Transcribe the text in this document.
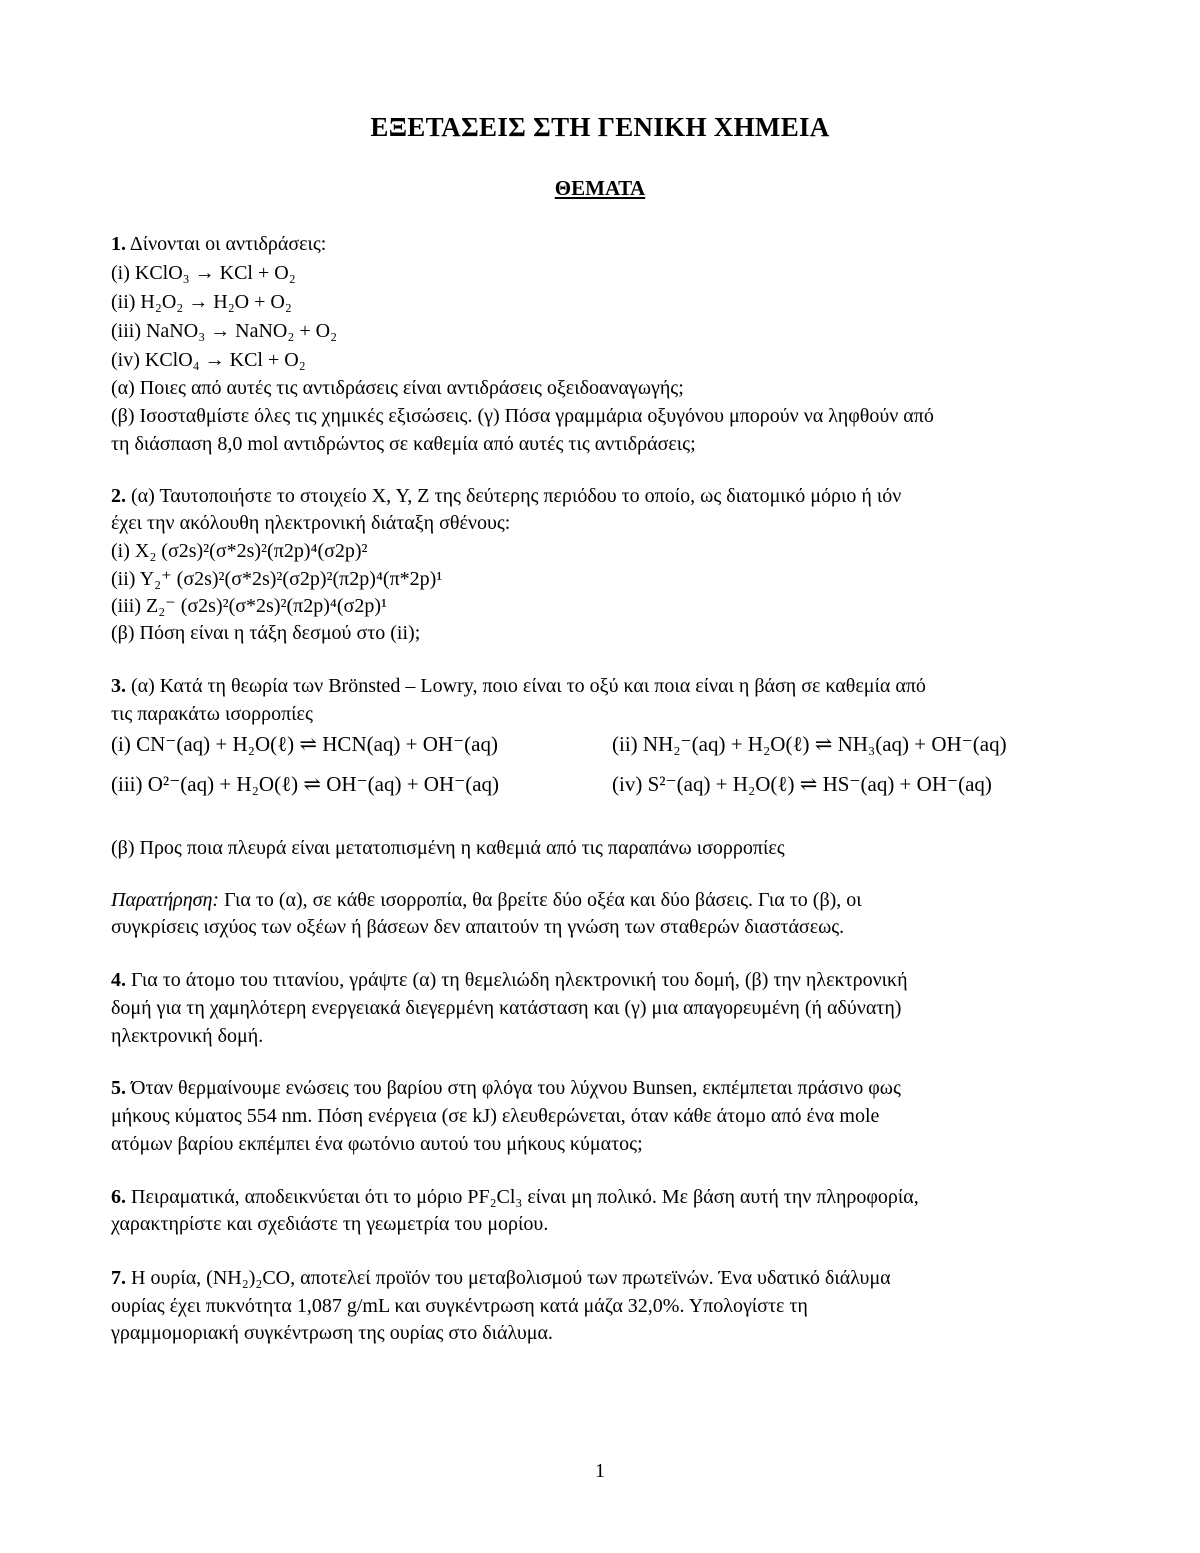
ΕΞΕΤΑΣΕΙΣ ΣΤΗ ΓΕΝΙΚΗ ΧΗΜΕΙΑ
ΘΕΜΑΤΑ
1. Δίνονται οι αντιδράσεις:
(i) KClO₃ → KCl + O₂
(ii) H₂O₂ → H₂O + O₂
(iii) NaNO₃ → NaNO₂ + O₂
(iv) KClO₄ → KCl + O₂
(α) Ποιες από αυτές τις αντιδράσεις είναι αντιδράσεις οξειδοαναγωγής;
(β) Ισοσταθμίστε όλες τις χημικές εξισώσεις. (γ) Πόσα γραμμάρια οξυγόνου μπορούν να ληφθούν από
τη διάσπαση 8,0 mol αντιδρώντος σε καθεμία από αυτές τις αντιδράσεις;
2. (α) Ταυτοποιήστε το στοιχείο X, Y, Z της δεύτερης περιόδου το οποίο, ως διατομικό μόριο ή ιόν
έχει την ακόλουθη ηλεκτρονική διάταξη σθένους:
(i) X₂ (σ2s)²(σ*2s)²(π2p)⁴(σ2p)²
(ii) Y₂⁺ (σ2s)²(σ*2s)²(σ2p)²(π2p)⁴(π*2p)¹
(iii) Z₂⁻ (σ2s)²(σ*2s)²(π2p)⁴(σ2p)¹
(β) Πόση είναι η τάξη δεσμού στο (ii);
3. (α) Κατά τη θεωρία των Brönsted – Lowry, ποιο είναι το οξύ και ποια είναι η βάση σε καθεμία από
τις παρακάτω ισορροπίες
(i) CN⁻(aq) + H₂O(ℓ) ⇌ HCN(aq) + OH⁻(aq)	(ii) NH₂⁻(aq) + H₂O(ℓ) ⇌ NH₃(aq) + OH⁻(aq)
(iii) O²⁻(aq) + H₂O(ℓ) ⇌ OH⁻(aq) + OH⁻(aq)	(iv) S²⁻(aq) + H₂O(ℓ) ⇌ HS⁻(aq) + OH⁻(aq)
(β) Προς ποια πλευρά είναι μετατοπισμένη η καθεμιά από τις παραπάνω ισορροπίες
Παρατήρηση: Για το (α), σε κάθε ισορροπία, θα βρείτε δύο οξέα και δύο βάσεις. Για το (β), οι
συγκρίσεις ισχύος των οξέων ή βάσεων δεν απαιτούν τη γνώση των σταθερών διαστάσεως.
4. Για το άτομο του τιτανίου, γράψτε (α) τη θεμελιώδη ηλεκτρονική του δομή, (β) την ηλεκτρονική
δομή για τη χαμηλότερη ενεργειακά διεγερμένη κατάσταση και (γ) μια απαγορευμένη (ή αδύνατη)
ηλεκτρονική δομή.
5. Όταν θερμαίνουμε ενώσεις του βαρίου στη φλόγα του λύχνου Bunsen, εκπέμπεται πράσινο φως
μήκους κύματος 554 nm. Πόση ενέργεια (σε kJ) ελευθερώνεται, όταν κάθε άτομο από ένα mole
ατόμων βαρίου εκπέμπει ένα φωτόνιο αυτού του μήκους κύματος;
6. Πειραματικά, αποδεικνύεται ότι το μόριο PF₂Cl₃ είναι μη πολικό. Με βάση αυτή την πληροφορία,
χαρακτηρίστε και σχεδιάστε τη γεωμετρία του μορίου.
7. Η ουρία, (NH₂)₂CO, αποτελεί προϊόν του μεταβολισμού των πρωτεϊνών. Ένα υδατικό διάλυμα
ουρίας έχει πυκνότητα 1,087 g/mL και συγκέντρωση κατά μάζα 32,0%. Υπολογίστε τη
γραμμομοριακή συγκέντρωση της ουρίας στο διάλυμα.
1
